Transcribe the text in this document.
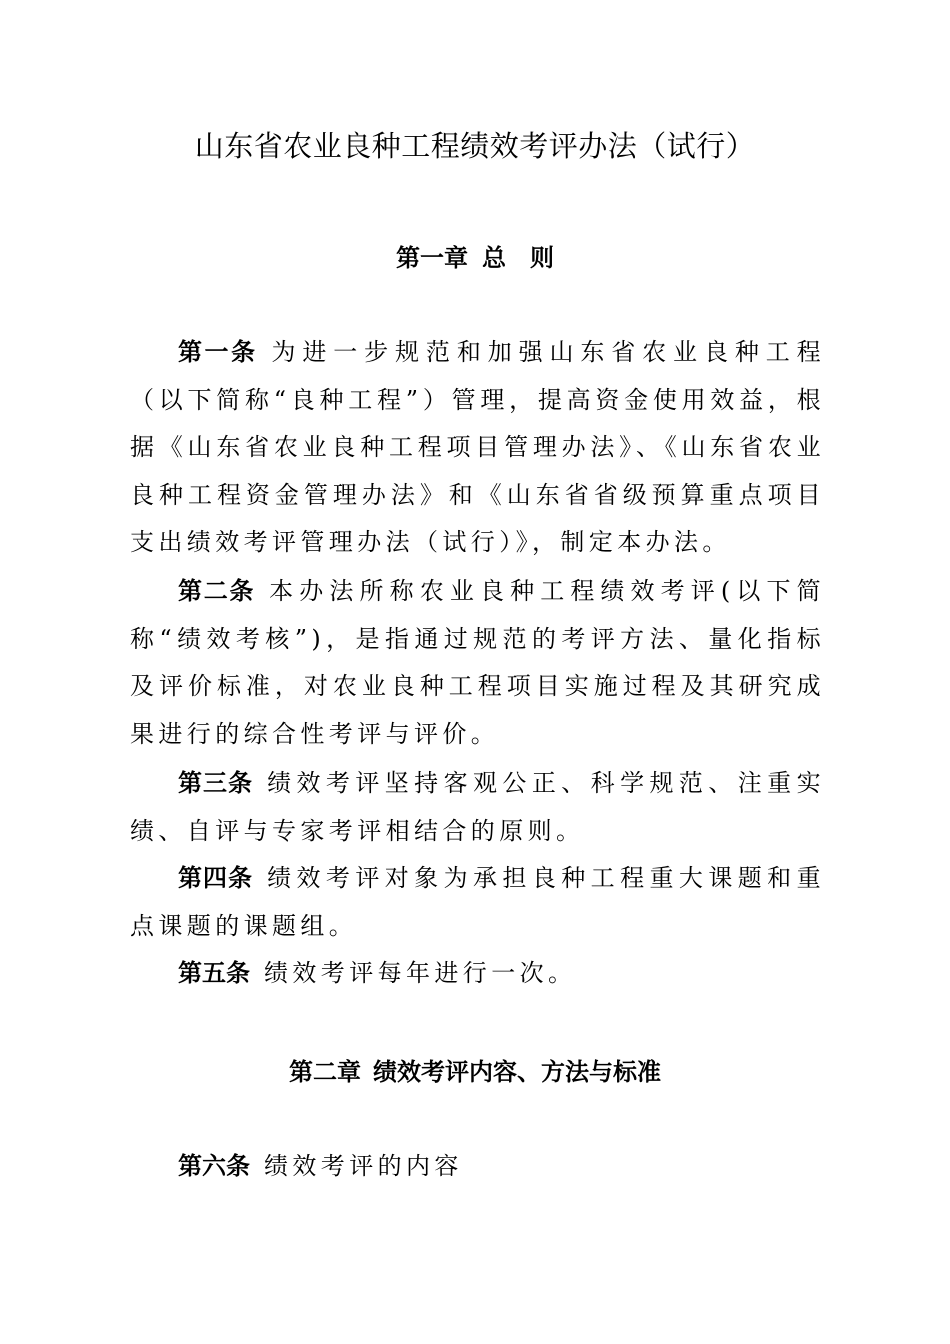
山东省农业良种工程绩效考评办法（试行）
第一章 总　则

第一条 为进一步规范和加强山东省农业良种工程（以下简称“良种工程”）管理，提高资金使用效益，根据《山东省农业良种工程项目管理办法》、《山东省农业良种工程资金管理办法》和《山东省省级预算重点项目支出绩效考评管理办法（试行）》，制定本办法。

第二条 本办法所称农业良种工程绩效考评(以下简称“绩效考核”)，是指通过规范的考评方法、量化指标及评价标准，对农业良种工程项目实施过程及其研究成果进行的综合性考评与评价。

第三条 绩效考评坚持客观公正、科学规范、注重实绩、自评与专家考评相结合的原则。

第四条 绩效考评对象为承担良种工程重大课题和重点课题的课题组。

第五条 绩效考评每年进行一次。

第二章 绩效考评内容、方法与标准

第六条 绩效考评的内容
